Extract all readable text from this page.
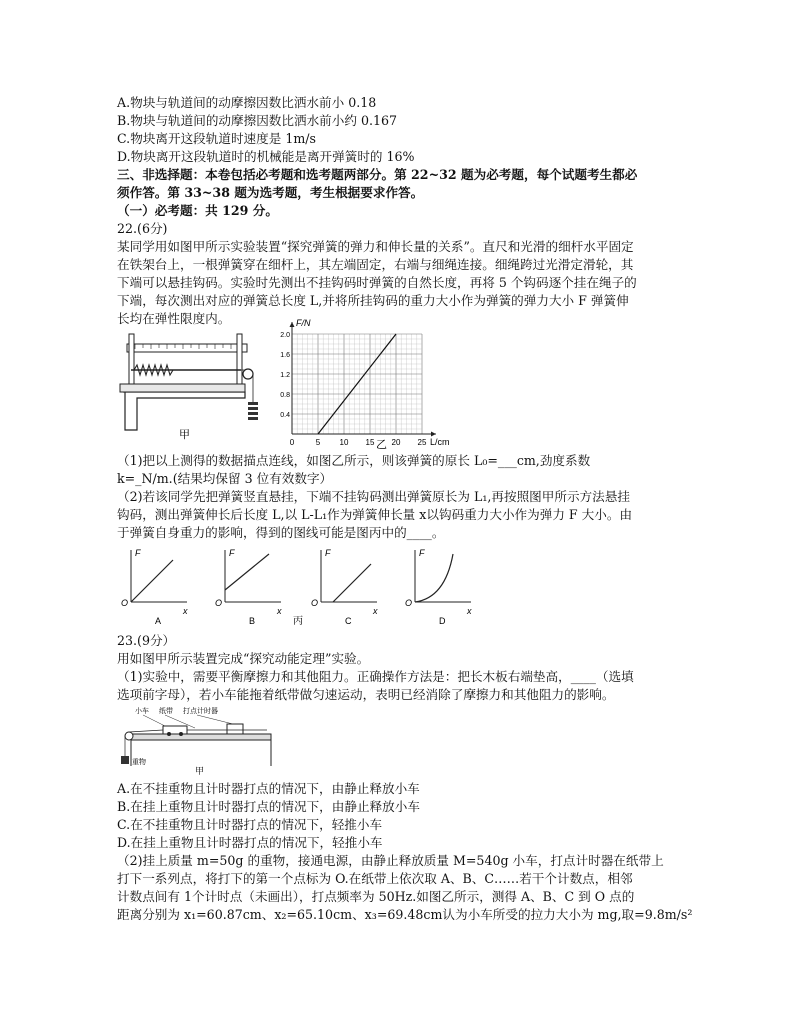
A.物块与轨道间的动摩擦因数比洒水前小 0.18
B.物块与轨道间的动摩擦因数比洒水前小约 0.167
C.物块离开这段轨道时速度是 1m/s
D.物块离开这段轨道时的机械能是离开弹簧时的 16%
三、非选择题：本卷包括必考题和选考题两部分。第 22~32 题为必考题，每个试题考生都必
须作答。第 33~38 题为选考题，考生根据要求作答。
（一）必考题：共 129 分。
22.(6分)
某同学用如图甲所示实验装置“探究弹簧的弹力和伸长量的关系”。直尺和光滑的细杆水平固定
在铁架台上，一根弹簧穿在细杆上，其左端固定，右端与细绳连接。细绳跨过光滑定滑轮，其
下端可以悬挂钩码。实验时先测出不挂钩码时弹簧的自然长度，再将 5 个钩码逐个挂在绳子的
下端，每次测出对应的弹簧总长度 L,并将所挂钩码的重力大小作为弹簧的弹力大小 F 弹簧伸
长均在弹性限度内。
甲
0	5 10 15 20 25
0.4
0.8
1.2
1.6
2.0
F/N
L/cm
乙
（1)把以上测得的数据描点连线，如图乙所示，则该弹簧的原长 L₀=___cm,劲度系数
k=_N/m.(结果均保留 3 位有效数字）
（2)若该同学先把弹簧竖直悬挂，下端不挂钩码测出弹簧原长为 L₁,再按照图甲所示方法悬挂
钩码，测出弹簧伸长后长度 L,以 L-L₁作为弹簧伸长量 x以钩码重力大小作为弹力 F 大小。由
于弹簧自身重力的影响，得到的图线可能是图丙中的____。
O
F
x
A
O
F
x
B
O
F
x
C
O
F
x
D
丙
23.(9分）
用如图甲所示装置完成“探究动能定理”实验。
（1)实验中，需要平衡摩擦力和其他阻力。正确操作方法是：把长木板右端垫高，____（选填
选项前字母），若小车能拖着纸带做匀速运动，表明已经消除了摩擦力和其他阻力的影响。
小车 纸带 打点计时器
重物
甲
A.在不挂重物且计时器打点的情况下，由静止释放小车
B.在挂上重物且计时器打点的情况下，由静止释放小车
C.在不挂重物且计时器打点的情况下，轻推小车
D.在挂上重物且计时器打点的情况下，轻推小车
（2)挂上质量 m=50g 的重物，接通电源，由静止释放质量 M=540g 小车，打点计时器在纸带上
打下一系列点，将打下的第一个点标为 O.在纸带上依次取 A、B、C……若干个计数点，相邻
计数点间有 1个计时点（未画出），打点频率为 50Hz.如图乙所示，测得 A、B、C 到 O 点的
距离分别为 x₁=60.87cm、x₂=65.10cm、x₃=69.48cm认为小车所受的拉力大小为 mg,取=9.8m/s²
